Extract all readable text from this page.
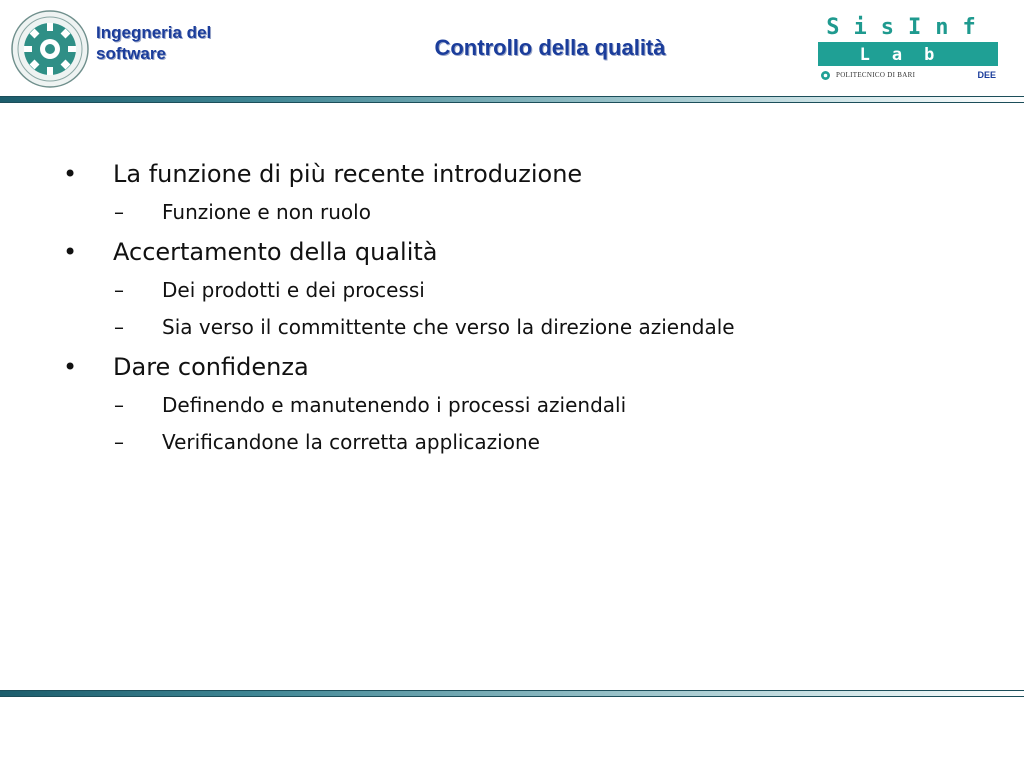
Ingegneria del
software	Controllo della qualità

SisInf

Lab

POLITECNICO DI BARI	DEE
• La funzione di più recente introduzione
– Funzione e non ruolo
• Accertamento della qualità
– Dei prodotti e dei processi
– Sia verso il committente che verso la direzione aziendale
• Dare confidenza
– Definendo e manutenendo i processi aziendali
– Verificandone la corretta applicazione
